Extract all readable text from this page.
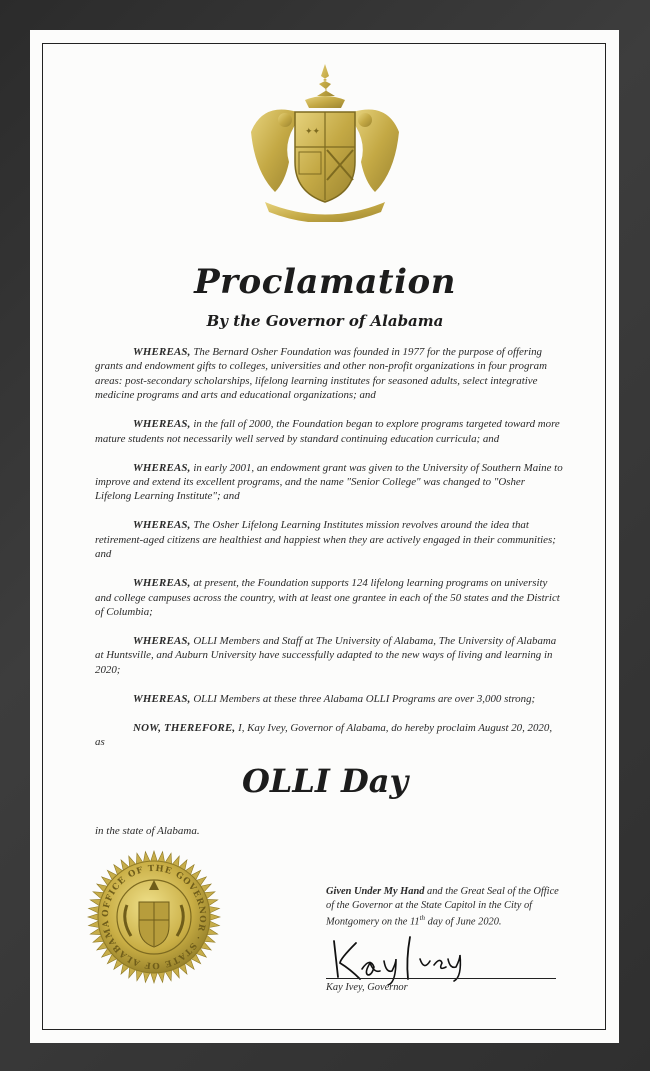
✦✦
Proclamation
By the Governor of Alabama

WHEREAS, The Bernard Osher Foundation was founded in 1977 for the purpose of offering grants and endowment gifts to colleges, universities and other non-profit organizations in four program areas: post-secondary scholarships, lifelong learning institutes for seasoned adults, select integrative medicine programs and arts and educational organizations; and

WHEREAS, in the fall of 2000, the Foundation began to explore programs targeted toward more mature students not necessarily well served by standard continuing education curricula; and

WHEREAS, in early 2001, an endowment grant was given to the University of Southern Maine to improve and extend its excellent programs, and the name "Senior College" was changed to "Osher Lifelong Learning Institute"; and

WHEREAS, The Osher Lifelong Learning Institutes mission revolves around the idea that retirement-aged citizens are healthiest and happiest when they are actively engaged in their communities; and

WHEREAS, at present, the Foundation supports 124 lifelong learning programs on university and college campuses across the country, with at least one grantee in each of the 50 states and the District of Columbia;

WHEREAS, OLLI Members and Staff at The University of Alabama, The University of Alabama at Huntsville, and Auburn University have successfully adapted to the new ways of living and learning in 2020;

WHEREAS, OLLI Members at these three Alabama OLLI Programs are over 3,000 strong;

NOW, THEREFORE, I, Kay Ivey, Governor of Alabama, do hereby proclaim August 20, 2020, as

OLLI Day
in the state of Alabama.
OFFICE OF THE GOVERNOR · STATE OF ALABAMA
Given Under My Hand and the Great Seal of the Office of the Governor at the State Capitol in the City of Montgomery on the 11th day of June 2020.
Kay Ivey, Governor
